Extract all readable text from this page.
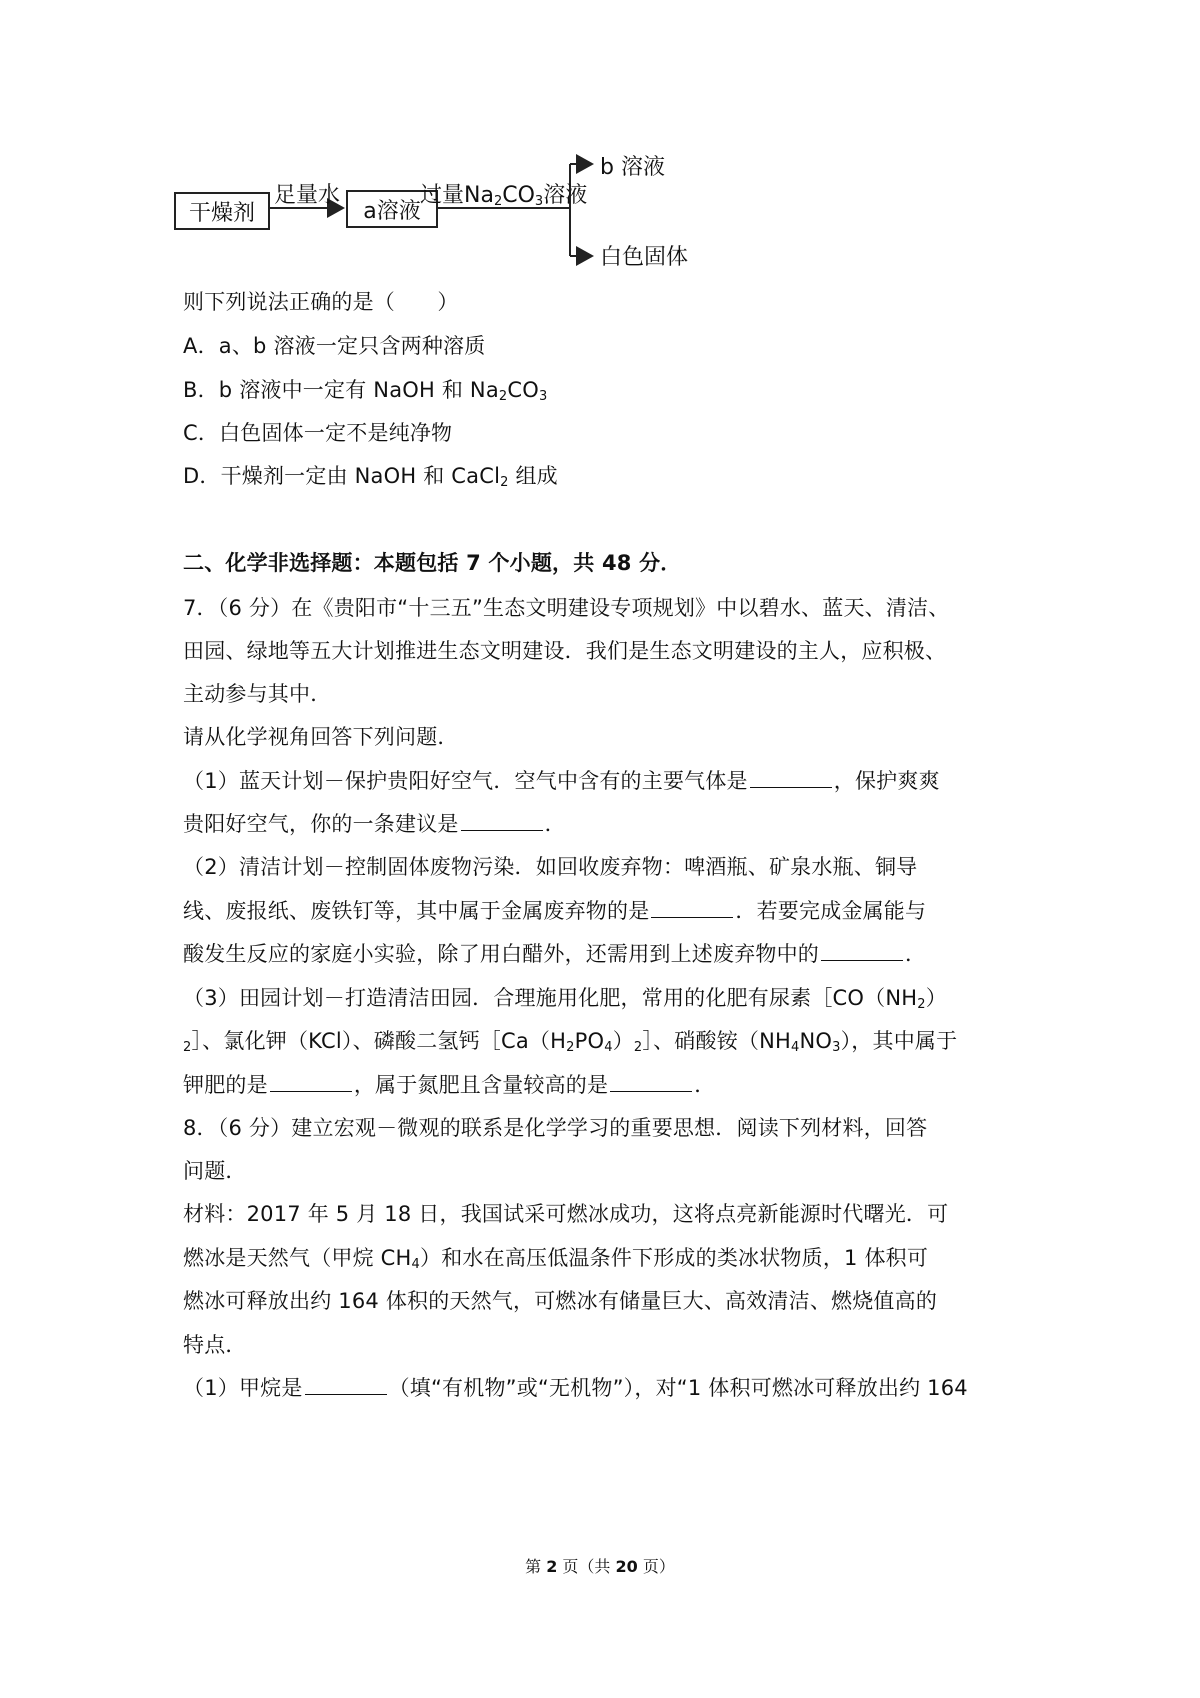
干燥剂
足量水
a溶液
过量$Na_2CO_3$溶液
b 溶液
白色固体
则下列说法正确的是（　　）
A．a、b 溶液一定只含两种溶质
B．b 溶液中一定有 NaOH 和 $Na_2CO_3$
C．白色固体一定不是纯净物
D．干燥剂一定由 NaOH 和 CaCl$_2$ 组成
二、化学非选择题：本题包括 7 个小题，共 48 分．
7．（6 分）在《贵阳市“十三五”生态文明建设专项规划》中以碧水、蓝天、清洁、
田园、绿地等五大计划推进生态文明建设．我们是生态文明建设的主人，应积极、
主动参与其中．
请从化学视角回答下列问题．
（1）蓝天计划－保护贵阳好空气．空气中含有的主要气体是	，保护爽爽
贵阳好空气，你的一条建议是	．
（2）清洁计划－控制固体废物污染．如回收废弃物：啤酒瓶、矿泉水瓶、铜导
线、废报纸、废铁钉等，其中属于金属废弃物的是	．若要完成金属能与
酸发生反应的家庭小实验，除了用白醋外，还需用到上述废弃物中的	．
（3）田园计划－打造清洁田园．合理施用化肥，常用的化肥有尿素$[CO(NH_2)$
$_2$］、氯化钾（KCl）、磷酸二氢钙$[Ca(H_2PO_4)_2]$、硝酸铵$(NH_4NO_3)$，其中属于
钾肥的是	，属于氮肥且含量较高的是	．
8．（6 分）建立宏观－微观的联系是化学学习的重要思想．阅读下列材料，回答
问题．
材料：2017 年 5 月 18 日，我国试采可燃冰成功，这将点亮新能源时代曙光．可
燃冰是天然气（甲烷 $CH_4$）和水在高压低温条件下形成的类冰状物质，1 体积可
燃冰可释放出约 164 体积的天然气，可燃冰有储量巨大、高效清洁、燃烧值高的
特点．
（1）甲烷是	（填“有机物”或“无机物”），对“1 体积可燃冰可释放出约 164
第 2 页（共 20 页）
